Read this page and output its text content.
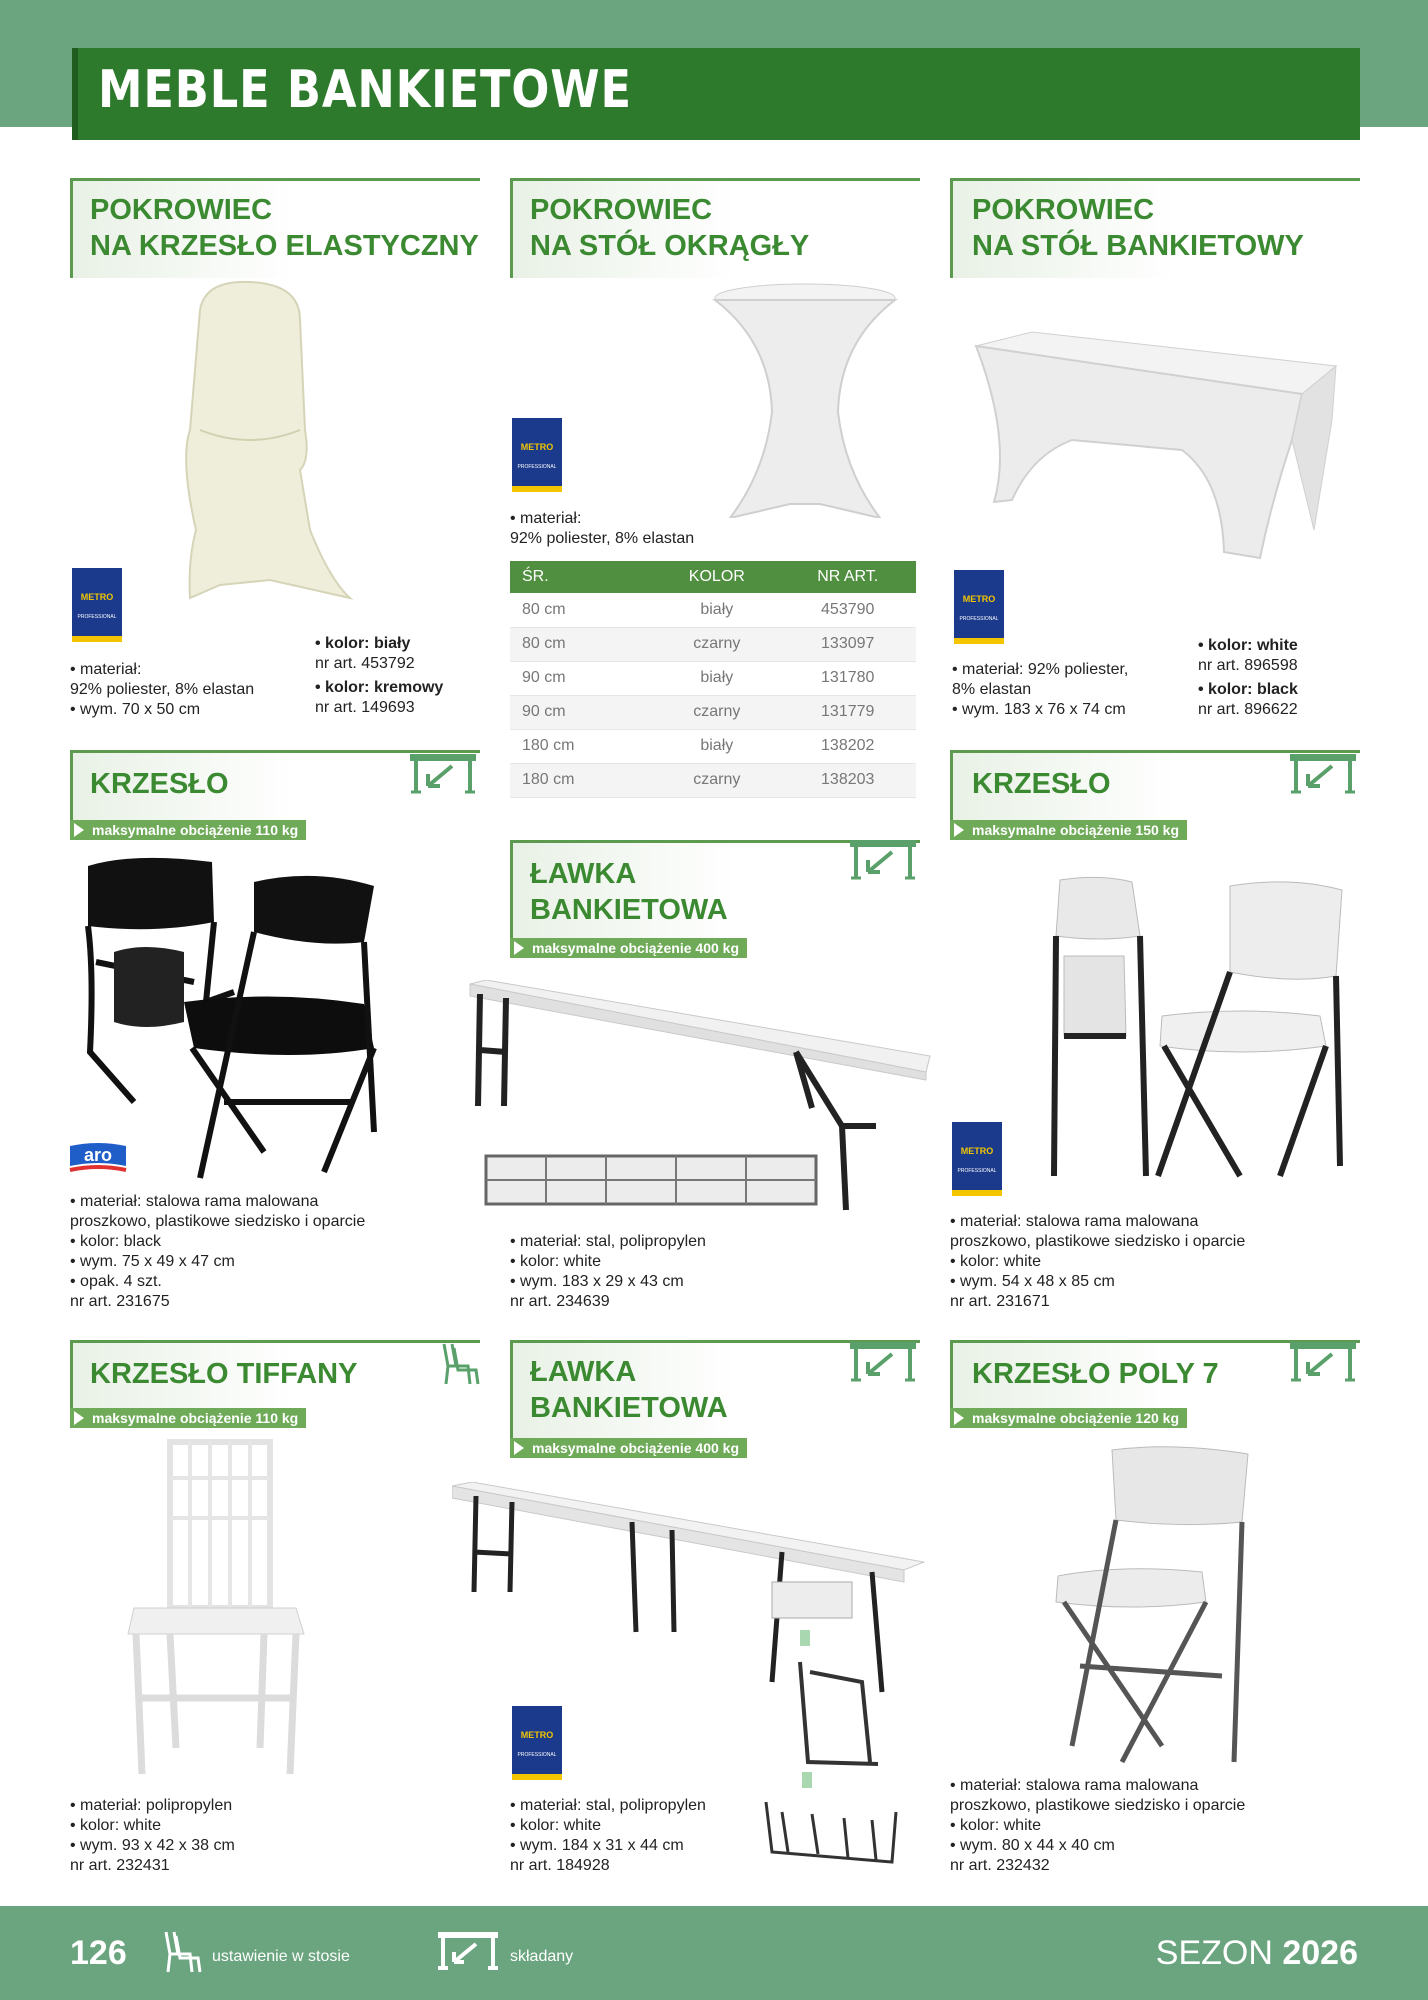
MEBLE BANKIETOWE
POKROWIEC
NA KRZESŁO ELASTYCZNY
METRO
PROFESSIONAL
• materiał:
92% poliester, 8% elastan
• wym. 70 x 50 cm
• kolor: biały
nr art. 453792
• kolor: kremowy
nr art. 149693
POKROWIEC
NA STÓŁ OKRĄGŁY
METRO
PROFESSIONAL
• materiał:
92% poliester, 8% elastan
ŚR.	KOLOR	NR ART.
80 cm	biały	453790
80 cm	czarny	133097
90 cm	biały	131780
90 cm	czarny	131779
180 cm	biały	138202
180 cm	czarny	138203
POKROWIEC
NA STÓŁ BANKIETOWY
METRO
PROFESSIONAL
• materiał: 92% poliester,
8% elastan
• wym. 183 x 76 x 74 cm
• kolor: white
nr art. 896598
• kolor: black
nr art. 896622
KRZESŁO
maksymalne obciążenie 110 kg
aro
• materiał: stalowa rama malowana
proszkowo, plastikowe siedzisko i oparcie
• kolor: black
• wym. 75 x 49 x 47 cm
• opak. 4 szt.
nr art. 231675
ŁAWKA
BANKIETOWA
maksymalne obciążenie 400 kg
• materiał: stal, polipropylen
• kolor: white
• wym. 183 x 29 x 43 cm
nr art. 234639
KRZESŁO
maksymalne obciążenie 150 kg
METRO
PROFESSIONAL
• materiał: stalowa rama malowana
proszkowo, plastikowe siedzisko i oparcie
• kolor: white
• wym. 54 x 48 x 85 cm
nr art. 231671
KRZESŁO TIFFANY
maksymalne obciążenie 110 kg
• materiał: polipropylen
• kolor: white
• wym. 93 x 42 x 38 cm
nr art. 232431
ŁAWKA
BANKIETOWA
maksymalne obciążenie 400 kg
METRO
PROFESSIONAL
• materiał: stal, polipropylen
• kolor: white
• wym. 184 x 31 x 44 cm
nr art. 184928
KRZESŁO POLY 7
maksymalne obciążenie 120 kg
• materiał: stalowa rama malowana
proszkowo, plastikowe siedzisko i oparcie
• kolor: white
• wym. 80 x 44 x 40 cm
nr art. 232432
126	ustawienie w stosie	składany	SEZON 2026
